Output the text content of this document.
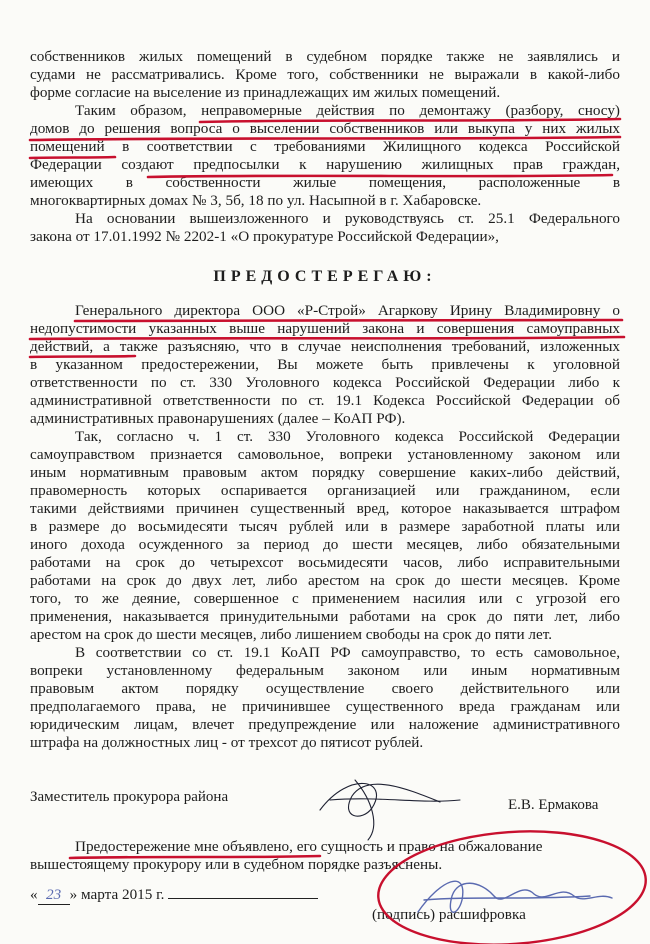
собственников жилых помещений в судебном порядке также не заявлялись и
судами не рассматривались. Кроме того, собственники не выражали в какой-либо
форме согласие на выселение из принадлежащих им жилых помещений.
Таким образом, неправомерные действия по демонтажу (разбору, сносу)
домов до решения вопроса о выселении собственников или выкупа у них жилых
помещений в соответствии с требованиями Жилищного кодекса Российской
Федерации создают предпосылки к нарушению жилищных прав граждан,
имеющих в собственности жилые помещения, расположенные в
многоквартирных домах № 3, 5б, 18 по ул. Насыпной в г. Хабаровске.
На основании вышеизложенного и руководствуясь ст. 25.1 Федерального
закона от 17.01.1992 № 2202-1 «О прокуратуре Российской Федерации»,
ПРЕДОСТЕРЕГАЮ:
Генерального директора ООО «Р-Строй» Агаркову Ирину Владимировну о
недопустимости указанных выше нарушений закона и совершения самоуправных
действий, а также разъясняю, что в случае неисполнения требований, изложенных
в указанном предостережении, Вы можете быть привлечены к уголовной
ответственности по ст. 330 Уголовного кодекса Российской Федерации либо к
административной ответственности по ст. 19.1 Кодекса Российской Федерации об
административных правонарушениях (далее – КоАП РФ).
Так, согласно ч. 1 ст. 330 Уголовного кодекса Российской Федерации
самоуправством признается самовольное, вопреки установленному законом или
иным нормативным правовым актом порядку совершение каких-либо действий,
правомерность которых оспаривается организацией или гражданином, если
такими действиями причинен существенный вред, которое наказывается штрафом
в размере до восьмидесяти тысяч рублей или в размере заработной платы или
иного дохода осужденного за период до шести месяцев, либо обязательными
работами на срок до четырехсот восьмидесяти часов, либо исправительными
работами на срок до двух лет, либо арестом на срок до шести месяцев. Кроме
того, то же деяние, совершенное с применением насилия или с угрозой его
применения, наказывается принудительными работами на срок до пяти лет, либо
арестом на срок до шести месяцев, либо лишением свободы на срок до пяти лет.
В соответствии со ст. 19.1 КоАП РФ самоуправство, то есть самовольное,
вопреки установленному федеральным законом или иным нормативным
правовым актом порядку осуществление своего действительного или
предполагаемого права, не причинившее существенного вреда гражданам или
юридическим лицам, влечет предупреждение или наложение административного
штрафа на должностных лиц - от трехсот до пятисот рублей.
Заместитель прокурора района	Е.В. Ермакова
Предостережение мне объявлено, его сущность и право на обжалование
вышестоящему прокурору или в судебном порядке разъяснены.
« 23 » марта 2015 г.
(подпись) расшифровка
